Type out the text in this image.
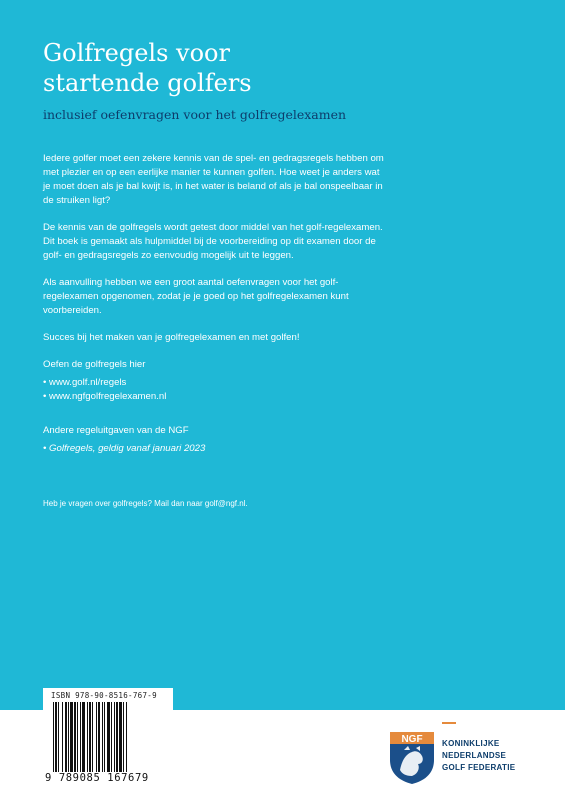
Golfregels voor
startende golfers
inclusief oefenvragen voor het golfregelexamen

Iedere golfer moet een zekere kennis van de spel- en gedragsregels hebben om met plezier en op een eerlijke manier te kunnen golfen. Hoe weet je anders wat je moet doen als je bal kwijt is, in het water is beland of als je bal onspeelbaar in de struiken ligt?

De kennis van de golfregels wordt getest door middel van het golf-regelexamen. Dit boek is gemaakt als hulpmiddel bij de voorbereiding op dit examen door de golf- en gedragsregels zo eenvoudig mogelijk uit te leggen.

Als aanvulling hebben we een groot aantal oefenvragen voor het golf-regelexamen opgenomen, zodat je je goed op het golfregelexamen kunt voorbereiden.

Succes bij het maken van je golfregelexamen en met golfen!

Oefen de golfregels hier
• www.golf.nl/regels
• www.ngfgolfregelexamen.nl
Andere regeluitgaven van de NGF
• Golfregels, geldig vanaf januari 2023
Heb je vragen over golfregels? Mail dan naar golf@ngf.nl.
ISBN 978-90-8516-767-9
9 789085 167679
NGF KONINKLIJKE
NEDERLANDSE
GOLF FEDERATIE
